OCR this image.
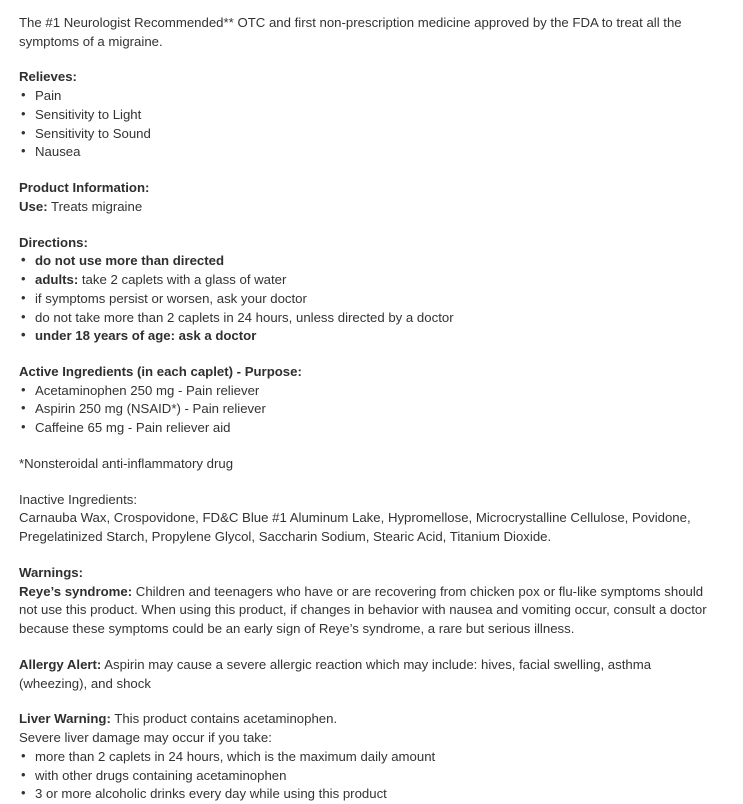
The #1 Neurologist Recommended** OTC and first non-prescription medicine approved by the FDA to treat all the symptoms of a migraine.

Relieves:

• Pain
• Sensitivity to Light
• Sensitivity to Sound
• Nausea

Product Information:

Use: Treats migraine

Directions:

• do not use more than directed
• adults: take 2 caplets with a glass of water
• if symptoms persist or worsen, ask your doctor
• do not take more than 2 caplets in 24 hours, unless directed by a doctor
• under 18 years of age: ask a doctor

Active Ingredients (in each caplet) - Purpose:

• Acetaminophen 250 mg - Pain reliever
• Aspirin 250 mg (NSAID*) - Pain reliever
• Caffeine 65 mg - Pain reliever aid

*Nonsteroidal anti-inflammatory drug

Inactive Ingredients:

Carnauba Wax, Crospovidone, FD&C Blue #1 Aluminum Lake, Hypromellose, Microcrystalline Cellulose, Povidone, Pregelatinized Starch, Propylene Glycol, Saccharin Sodium, Stearic Acid, Titanium Dioxide.

Warnings:

Reye’s syndrome: Children and teenagers who have or are recovering from chicken pox or flu-like symptoms should not use this product. When using this product, if changes in behavior with nausea and vomiting occur, consult a doctor because these symptoms could be an early sign of Reye’s syndrome, a rare but serious illness.

Allergy Alert: Aspirin may cause a severe allergic reaction which may include: hives, facial swelling, asthma (wheezing), and shock

Liver Warning: This product contains acetaminophen.

Severe liver damage may occur if you take:

• more than 2 caplets in 24 hours, which is the maximum daily amount
• with other drugs containing acetaminophen
• 3 or more alcoholic drinks every day while using this product
